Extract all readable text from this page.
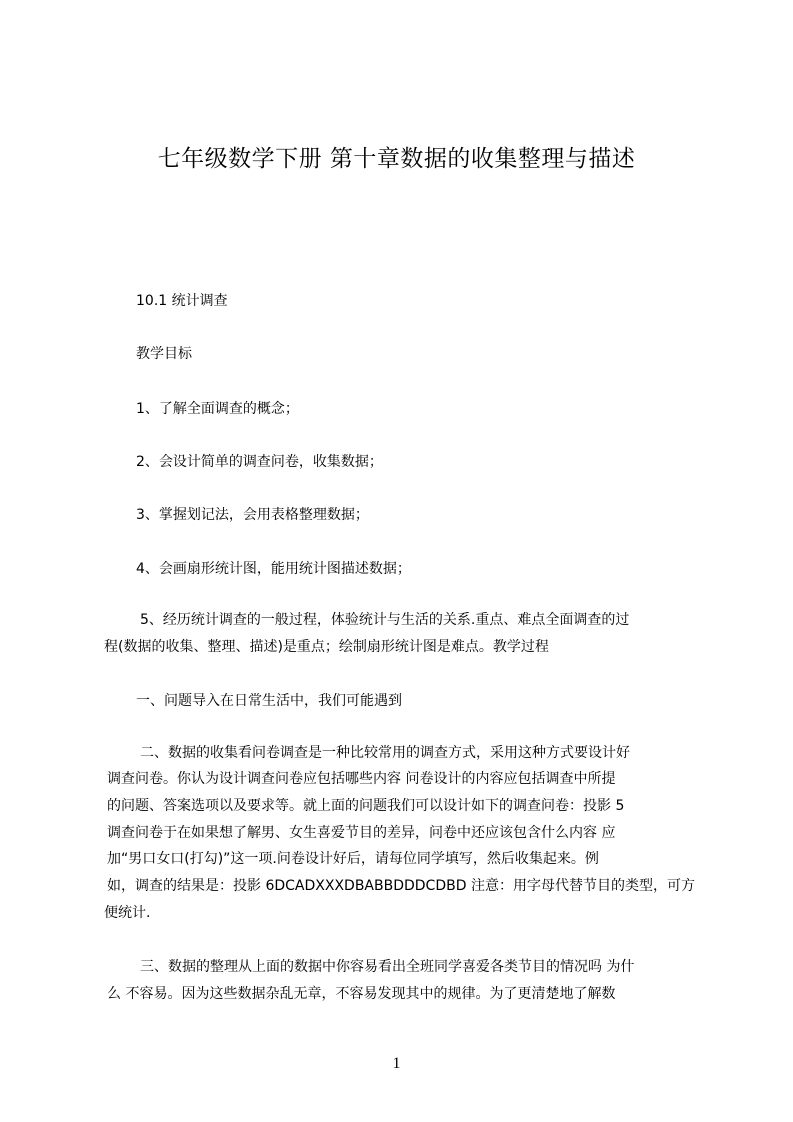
七年级数学下册 第十章数据的收集整理与描述
10.1 统计调查
教学目标
1、了解全面调查的概念；
2、会设计简单的调查问卷，收集数据；
3、掌握划记法，会用表格整理数据；
4、会画扇形统计图，能用统计图描述数据；
5、经历统计调查的一般过程，体验统计与生活的关系.重点、难点全面调查的过
程(数据的收集、整理、描述)是重点；绘制扇形统计图是难点。教学过程
一、问题导入在日常生活中，我们可能遇到
二、数据的收集看问卷调查是一种比较常用的调查方式，采用这种方式要设计好
调查问卷。你认为设计调查问卷应包括哪些内容 问卷设计的内容应包括调查中所提
的问题、答案选项以及要求等。就上面的问题我们可以设计如下的调查问卷：投影 5
调查问卷于在如果想了解男、女生喜爱节目的差异，问卷中还应该包含什么内容 应
加“男口女口(打勾)”这一项.问卷设计好后，请每位同学填写，然后收集起来。例
如，调查的结果是：投影 6DCADXXXDBABBDDDCDBD 注意：用字母代替节目的类型，可方
便统计.
三、数据的整理从上面的数据中你容易看出全班同学喜爱各类节目的情况吗 为什
么 不容易。因为这些数据杂乱无章，不容易发现其中的规律。为了更清楚地了解数
1
